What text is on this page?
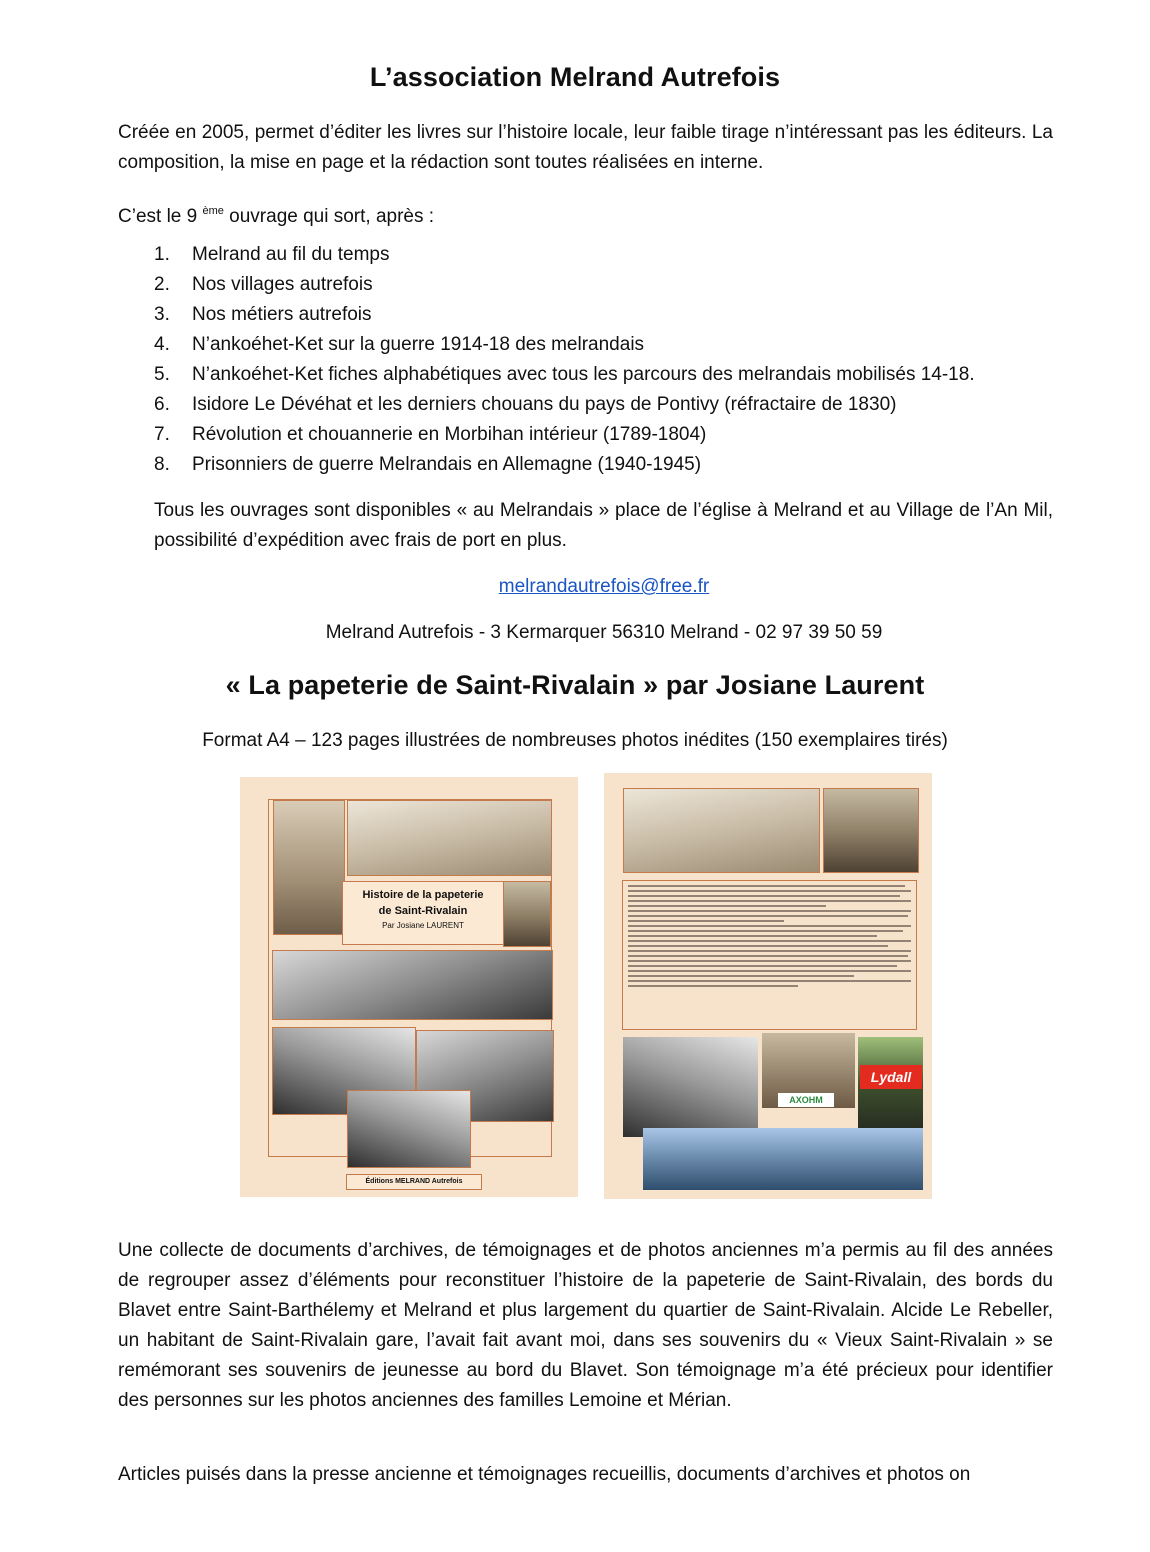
L’association Melrand Autrefois

Créée en 2005, permet d’éditer les livres sur l’histoire locale, leur faible tirage n’intéressant pas les éditeurs. La composition, la mise en page et la rédaction sont toutes réalisées en interne.

C’est le 9 $^{ème}$ ouvrage qui sort, après :

1. Melrand au fil du temps
2. Nos villages autrefois
3. Nos métiers autrefois
4. N’ankoéhet-Ket sur la guerre 1914-18 des melrandais
5. N’ankoéhet-Ket fiches alphabétiques avec tous les parcours des melrandais mobilisés 14-18.
6. Isidore Le Dévéhat et les derniers chouans du pays de Pontivy (réfractaire de 1830)
7. Révolution et chouannerie en Morbihan intérieur (1789-1804)
8. Prisonniers de guerre Melrandais en Allemagne (1940-1945)

Tous les ouvrages sont disponibles « au Melrandais » place de l’église à Melrand et au Village de l’An Mil, possibilité d’expédition avec frais de port en plus.

melrandautrefois@free.fr

Melrand Autrefois - 3 Kermarquer 56310 Melrand - 02 97 39 50 59

« La papeterie de Saint-Rivalain » par Josiane Laurent

Format A4 – 123 pages illustrées de nombreuses photos inédites (150 exemplaires tirés)

Histoire de la papeterie
de Saint-Rivalain
Par Josiane LAURENT
Éditions MELRAND Autrefois
Lydall
AXOHM

Une collecte de documents d’archives, de témoignages et de photos anciennes m’a permis au fil des années de regrouper assez d’éléments pour reconstituer l’histoire de la papeterie de Saint-Rivalain, des bords du Blavet entre Saint-Barthélemy et Melrand et plus largement du quartier de Saint-Rivalain. Alcide Le Rebeller, un habitant de Saint-Rivalain gare, l’avait fait avant moi, dans ses souvenirs du « Vieux Saint-Rivalain » se remémorant ses souvenirs de jeunesse au bord du Blavet. Son témoignage m’a été précieux pour identifier des personnes sur les photos anciennes des familles Lemoine et Mérian.

Articles puisés dans la presse ancienne et témoignages recueillis, documents d’archives et photos on
